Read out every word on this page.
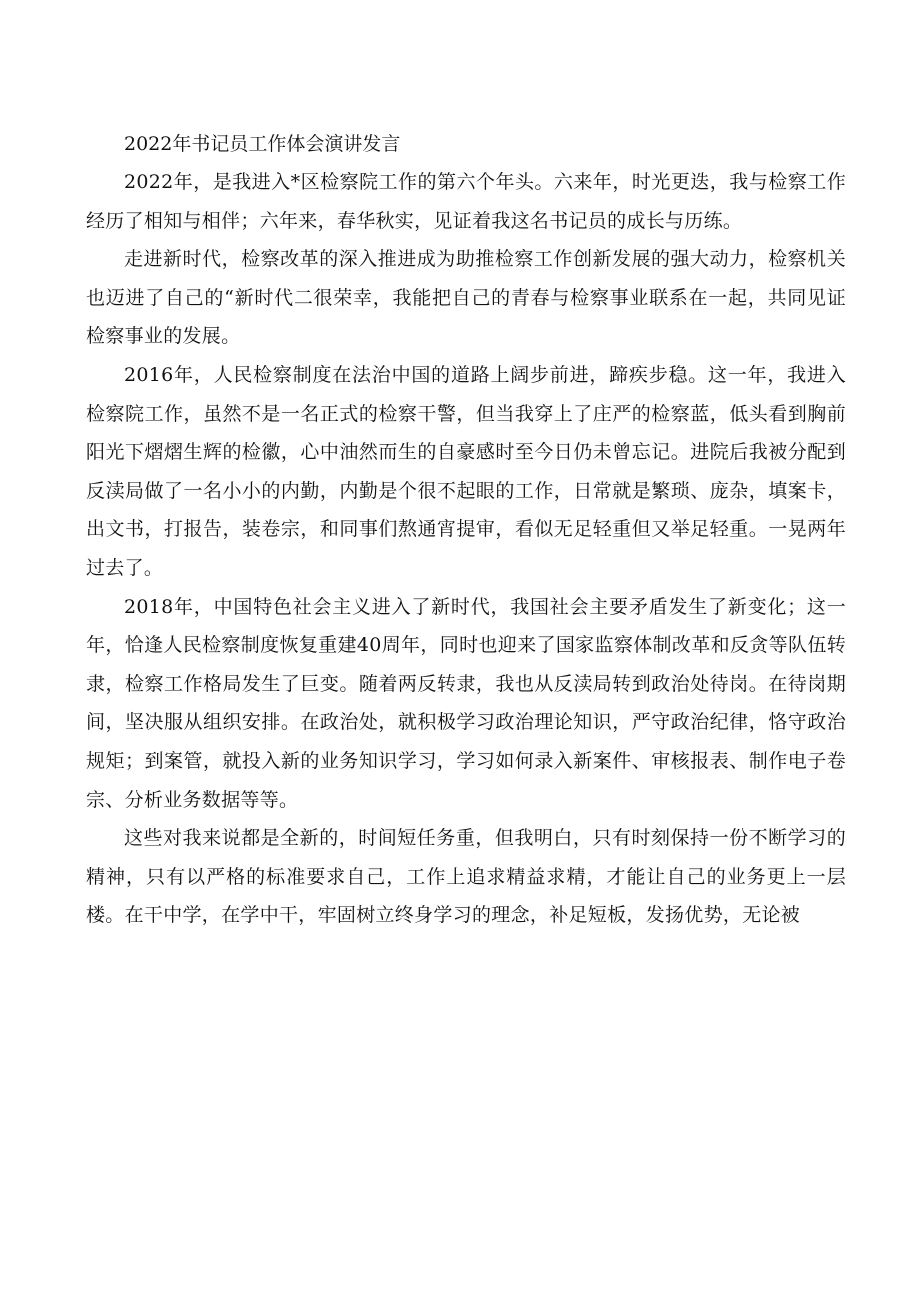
2022年书记员工作体会演讲发言

2022年，是我进入*区检察院工作的第六个年头。六来年，时光更迭，我与检察工作经历了相知与相伴；六年来，春华秋实，见证着我这名书记员的成长与历练。

走进新时代，检察改革的深入推进成为助推检察工作创新发展的强大动力，检察机关也迈进了自己的“新时代二很荣幸，我能把自己的青春与检察事业联系在一起，共同见证检察事业的发展。

2016年，人民检察制度在法治中国的道路上阔步前进，蹄疾步稳。这一年，我进入检察院工作，虽然不是一名正式的检察干警，但当我穿上了庄严的检察蓝，低头看到胸前阳光下熠熠生辉的检徽，心中油然而生的自豪感时至今日仍未曾忘记。进院后我被分配到反渎局做了一名小小的内勤，内勤是个很不起眼的工作，日常就是繁琐、庞杂，填案卡，出文书，打报告，装卷宗，和同事们熬通宵提审，看似无足轻重但又举足轻重。一晃两年过去了。

2018年，中国特色社会主义进入了新时代，我国社会主要矛盾发生了新变化；这一年，恰逢人民检察制度恢复重建40周年，同时也迎来了国家监察体制改革和反贪等队伍转隶，检察工作格局发生了巨变。随着两反转隶，我也从反渎局转到政治处待岗。在待岗期间，坚决服从组织安排。在政治处，就积极学习政治理论知识，严守政治纪律，恪守政治规矩；到案管，就投入新的业务知识学习，学习如何录入新案件、审核报表、制作电子卷宗、分析业务数据等等。

这些对我来说都是全新的，时间短任务重，但我明白，只有时刻保持一份不断学习的精神，只有以严格的标准要求自己，工作上追求精益求精，才能让自己的业务更上一层楼。在干中学，在学中干，牢固树立终身学习的理念，补足短板，发扬优势，无论被
